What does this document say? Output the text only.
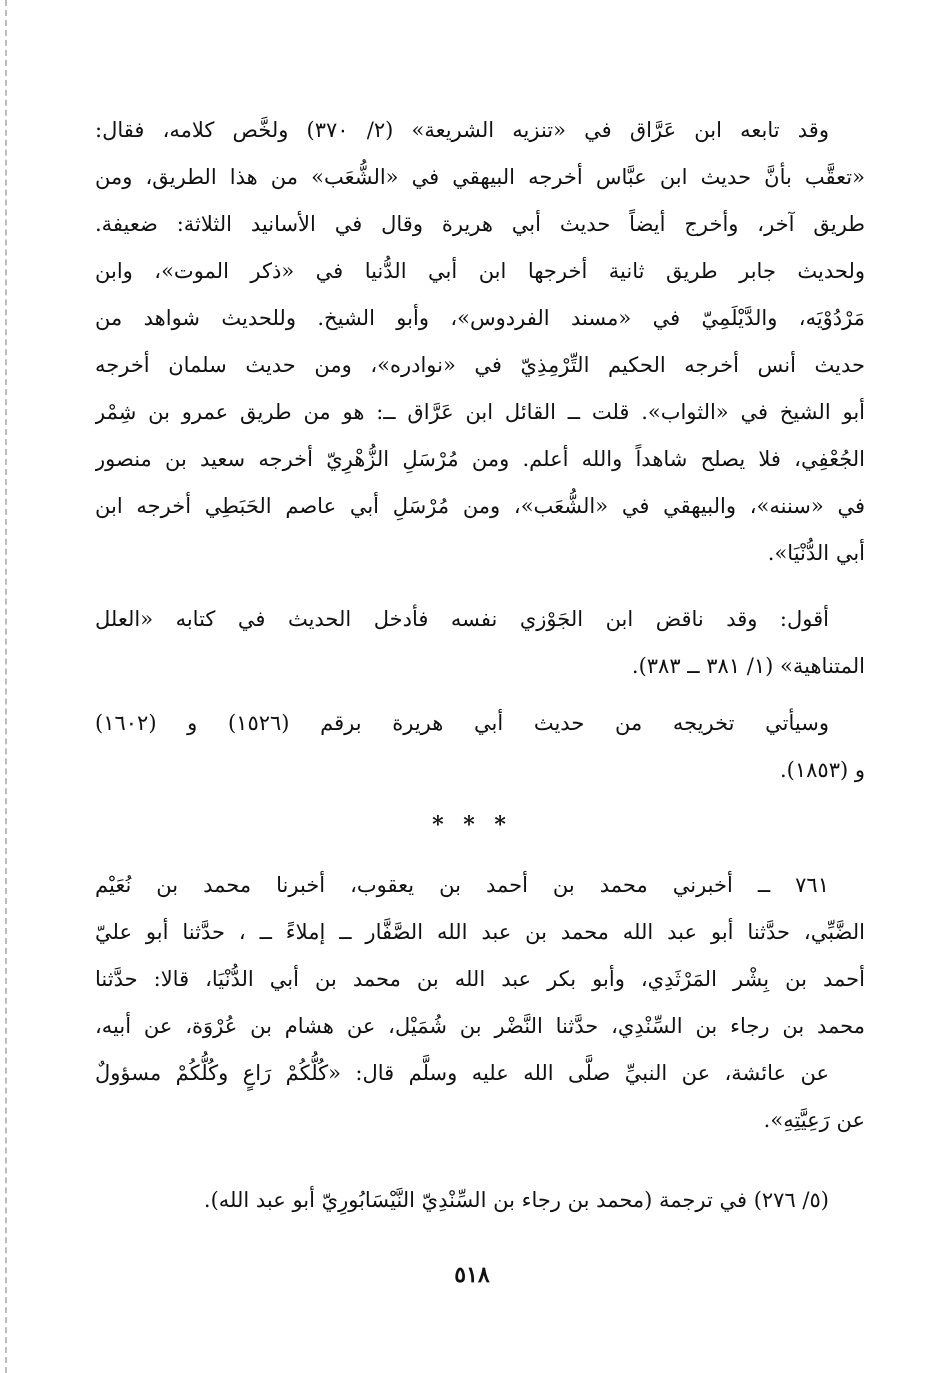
وقد تابعه ابن عَرَّاق في «تنزيه الشريعة» (٢/ ٣٧٠) ولخَّص كلامه، فقال:
«تعقَّب بأنَّ حديث ابن عبَّاس أخرجه البيهقي في «الشُّعَب» من هذا الطريق، ومن
طريق آخر، وأخرج أيضاً حديث أبي هريرة وقال في الأسانيد الثلاثة: ضعيفة.
ولحديث جابر طريق ثانية أخرجها ابن أبي الدُّنيا في «ذكر الموت»، وابن
مَرْدُوْيَه، والدَّيْلَمِيّ في «مسند الفردوس»، وأبو الشيخ. وللحديث شواهد من
حديث أنس أخرجه الحكيم التِّرْمِذِيّ في «نوادره»، ومن حديث سلمان أخرجه
أبو الشيخ في «الثواب». قلت ــ القائل ابن عَرَّاق ــ: هو من طريق عمرو بن شِمْر
الجُعْفِي، فلا يصلح شاهداً والله أعلم. ومن مُرْسَلِ الزُّهْرِيّ أخرجه سعيد بن منصور
في «سننه»، والبيهقي في «الشُّعَب»، ومن مُرْسَلِ أبي عاصم الحَبَطِي أخرجه ابن
أبي الدُّنْيَا».
أقول: وقد ناقض ابن الجَوْزي نفسه فأدخل الحديث في كتابه «العلل
المتناهية» (١/ ٣٨١ ــ ٣٨٣).
وسيأتي تخريجه من حديث أبي هريرة برقم (١٥٢٦) و (١٦٠٢)
و (١٨٥٣).
* * *
٧٦١ ــ أخبرني محمد بن أحمد بن يعقوب، أخبرنا محمد بن نُعَيْم
الضَّبِّي، حدَّثنا أبو عبد الله محمد بن عبد الله الصَّفَّار ــ إملاءً ــ ، حدَّثنا أبو عليّ
أحمد بن بِشْر المَرْثَدِي، وأبو بكر عبد الله بن محمد بن أبي الدُّنْيَا، قالا: حدَّثنا
محمد بن رجاء بن السِّنْدِي، حدَّثنا النَّضْر بن شُمَيْل، عن هشام بن عُرْوَة، عن أبيه،
عن عائشة، عن النبيِّ صلَّى الله عليه وسلَّم قال: «كُلُّكُمْ رَاعٍ وكُلُّكُمْ مسؤولٌ
عن رَعِيَّتِهِ».
(٥/ ٢٧٦) في ترجمة (محمد بن رجاء بن السِّنْدِيّ النَّيْسَابُورِيّ أبو عبد الله).
٥١٨
